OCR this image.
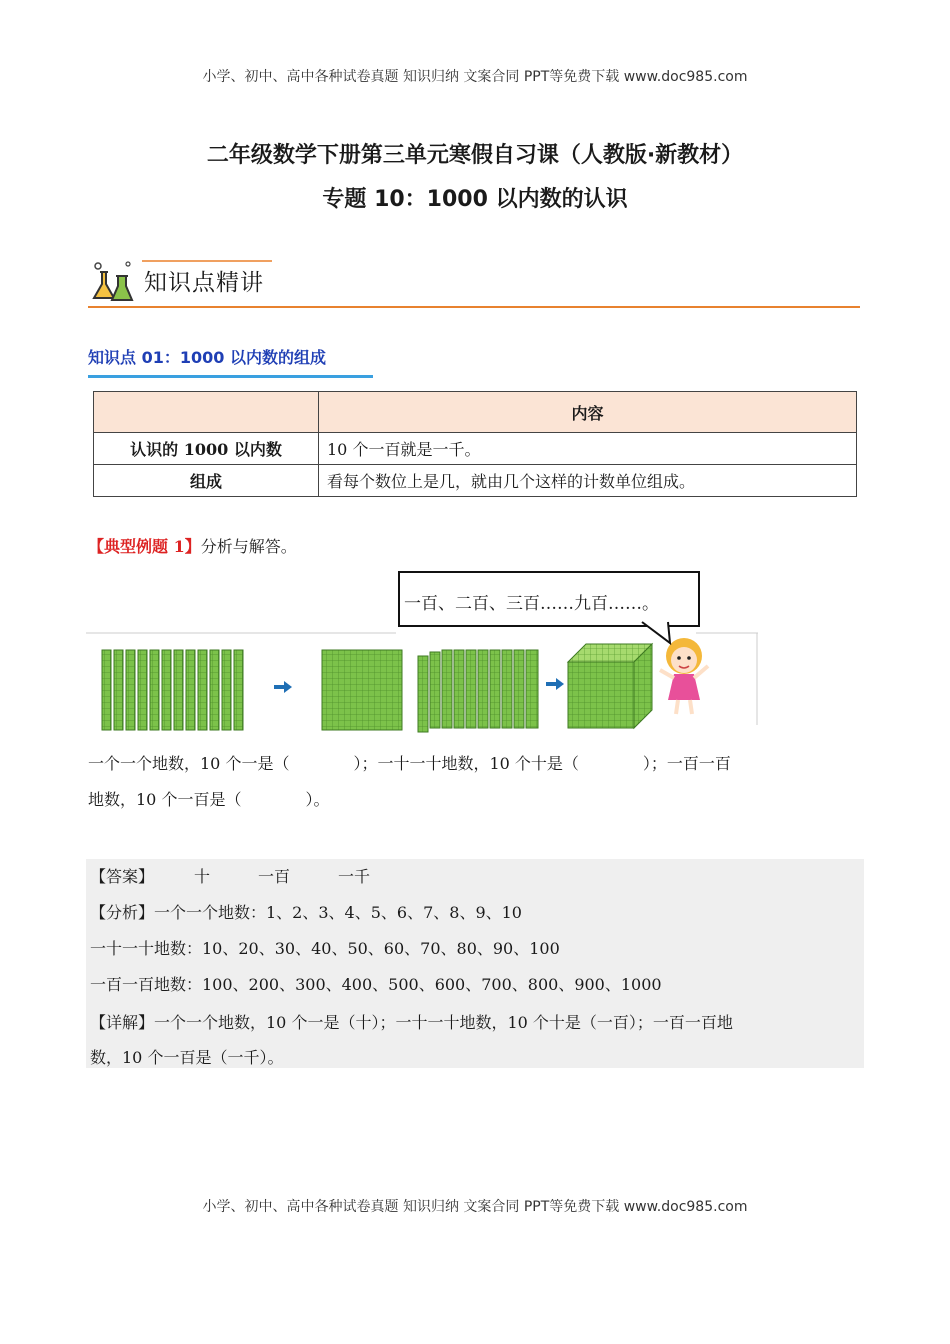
小学、初中、高中各种试卷真题 知识归纳 文案合同 PPT等免费下载 www.doc985.com
二年级数学下册第三单元寒假自习课（人教版·新教材）
专题 10：1000 以内数的认识
知识点精讲
知识点 01：1000 以内数的组成
	内容
认识的 1000 以内数	10 个一百就是一千。
组成	看每个数位上是几，就由几个这样的计数单位组成。
【典型例题 1】分析与解答。
一百、二百、三百……九百……。
一个一个地数，10 个一是（　　　　）；一十一十地数，10 个十是（　　　　）；一百一百
地数，10 个一百是（　　　　）。
【答案】　　　十　　　一百　　　一千
【分析】一个一个地数：1、2、3、4、5、6、7、8、9、10
一十一十地数：10、20、30、40、50、60、70、80、90、100
一百一百地数：100、200、300、400、500、600、700、800、900、1000
【详解】一个一个地数，10 个一是（十）；一十一十地数，10 个十是（一百）；一百一百地
数，10 个一百是（一千）。
小学、初中、高中各种试卷真题 知识归纳 文案合同 PPT等免费下载 www.doc985.com
